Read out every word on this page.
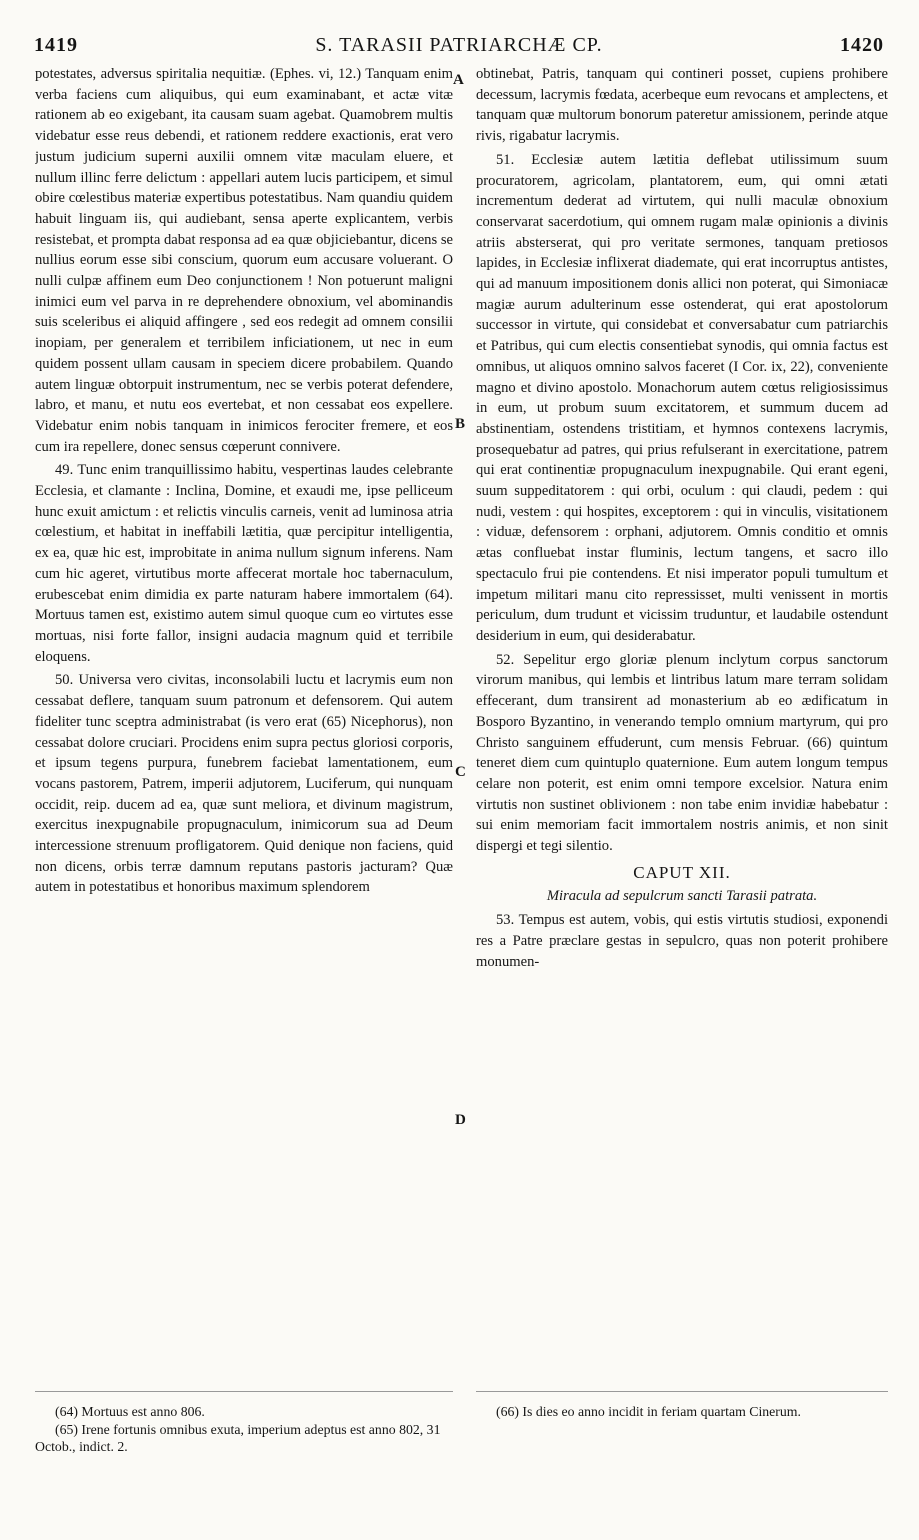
1419	S. TARASII PATRIARCHÆ CP.	1420

potestates, adversus spiritalia nequitiæ. (Ephes. vi, 12.) Tanquam enim verba faciens cum aliquibus, qui eum examinabant, et actæ vitæ rationem ab eo exigebant, ita causam suam agebat. Quamobrem multis videbatur esse reus debendi, et rationem reddere exactionis, erat vero justum judicium superni auxilii omnem vitæ maculam eluere, et nullum illinc ferre delictum : appellari autem lucis participem, et simul obire cœlestibus materiæ expertibus potestatibus. Nam quandiu quidem habuit linguam iis, qui audiebant, sensa aperte explicantem, verbis resistebat, et prompta dabat responsa ad ea quæ objiciebantur, dicens se nullius eorum esse sibi conscium, quorum eum accusare voluerant. O nulli culpæ affinem eum Deo conjunctionem ! Non potuerunt maligni inimici eum vel parva in re deprehendere obnoxium, vel abominandis suis sceleribus ei aliquid affingere , sed eos redegit ad omnem consilii inopiam, per generalem et terribilem inficiationem, ut nec in eum quidem possent ullam causam in speciem dicere probabilem. Quando autem linguæ obtorpuit instrumentum, nec se verbis poterat defendere, labro, et manu, et nutu eos evertebat, et non cessabat eos expellere. Videbatur enim nobis tanquam in inimicos ferociter fremere, et eos cum ira repellere, donec sensus cœperunt connivere.

49. Tunc enim tranquillissimo habitu, vespertinas laudes celebrante Ecclesia, et clamante : Inclina, Domine, et exaudi me, ipse pelliceum hunc exuit amictum : et relictis vinculis carneis, venit ad luminosa atria cœlestium, et habitat in ineffabili lætitia, quæ percipitur intelligentia, ex ea, quæ hic est, improbitate in anima nullum signum inferens. Nam cum hic ageret, virtutibus morte affecerat mortale hoc tabernaculum, erubescebat enim dimidia ex parte naturam habere immortalem (64). Mortuus tamen est, existimo autem simul quoque cum eo virtutes esse mortuas, nisi forte fallor, insigni audacia magnum quid et terribile eloquens.

50. Universa vero civitas, inconsolabili luctu et lacrymis eum non cessabat deflere, tanquam suum patronum et defensorem. Qui autem fideliter tunc sceptra administrabat (is vero erat (65) Nicephorus), non cessabat dolore cruciari. Procidens enim supra pectus gloriosi corporis, et ipsum tegens purpura, funebrem faciebat lamentationem, eum vocans pastorem, Patrem, imperii adjutorem, Luciferum, qui nunquam occidit, reip. ducem ad ea, quæ sunt meliora, et divinum magistrum, exercitus inexpugnabile propugnaculum, inimicorum sua ad Deum intercessione strenuum profligatorem. Quid denique non faciens, quid non dicens, orbis terræ damnum reputans pastoris jacturam? Quæ autem in potestatibus et honoribus maximum splendorem

A
B
C
D

obtinebat, Patris, tanquam qui contineri posset, cupiens prohibere decessum, lacrymis fœdata, acerbeque eum revocans et amplectens, et tanquam quæ multorum bonorum pateretur amissionem, perinde atque rivis, rigabatur lacrymis.

51. Ecclesiæ autem lætitia deflebat utilissimum suum procuratorem, agricolam, plantatorem, eum, qui omni ætati incrementum dederat ad virtutem, qui nulli maculæ obnoxium conservarat sacerdotium, qui omnem rugam malæ opinionis a divinis atriis absterserat, qui pro veritate sermones, tanquam pretiosos lapides, in Ecclesiæ inflixerat diademate, qui erat incorruptus antistes, qui ad manuum impositionem donis allici non poterat, qui Simoniacæ magiæ aurum adulterinum esse ostenderat, qui erat apostolorum successor in virtute, qui considebat et conversabatur cum patriarchis et Patribus, qui cum electis consentiebat synodis, qui omnia factus est omnibus, ut aliquos omnino salvos faceret (I Cor. ix, 22), conveniente magno et divino apostolo. Monachorum autem cœtus religiosissimus in eum, ut probum suum excitatorem, et summum ducem ad abstinentiam, ostendens tristitiam, et hymnos contexens lacrymis, prosequebatur ad patres, qui prius refulserant in exercitatione, patrem qui erat continentiæ propugnaculum inexpugnabile. Qui erant egeni, suum suppeditatorem : qui orbi, oculum : qui claudi, pedem : qui nudi, vestem : qui hospites, exceptorem : qui in vinculis, visitationem : viduæ, defensorem : orphani, adjutorem. Omnis conditio et omnis ætas confluebat instar fluminis, lectum tangens, et sacro illo spectaculo frui pie contendens. Et nisi imperator populi tumultum et impetum militari manu cito repressisset, multi venissent in mortis periculum, dum trudunt et vicissim truduntur, et laudabile ostendunt desiderium in eum, qui desiderabatur.

52. Sepelitur ergo gloriæ plenum inclytum corpus sanctorum virorum manibus, qui lembis et lintribus latum mare terram solidam effecerant, dum transirent ad monasterium ab eo ædificatum in Bosporo Byzantino, in venerando templo omnium martyrum, qui pro Christo sanguinem effuderunt, cum mensis Februar. (66) quintum teneret diem cum quintuplo quaternione. Eum autem longum tempus celare non poterit, est enim omni tempore excelsior. Natura enim virtutis non sustinet oblivionem : non tabe enim invidiæ habebatur : sui enim memoriam facit immortalem nostris animis, et non sinit dispergi et tegi silentio.

CAPUT XII.
Miracula ad sepulcrum sancti Tarasii patrata.

53. Tempus est autem, vobis, qui estis virtutis studiosi, exponendi res a Patre præclare gestas in sepulcro, quas non poterit prohibere monumen-

(64) Mortuus est anno 806.

(65) Irene fortunis omnibus exuta, imperium adeptus est anno 802, 31 Octob., indict. 2.

(66) Is dies eo anno incidit in feriam quartam Cinerum.
